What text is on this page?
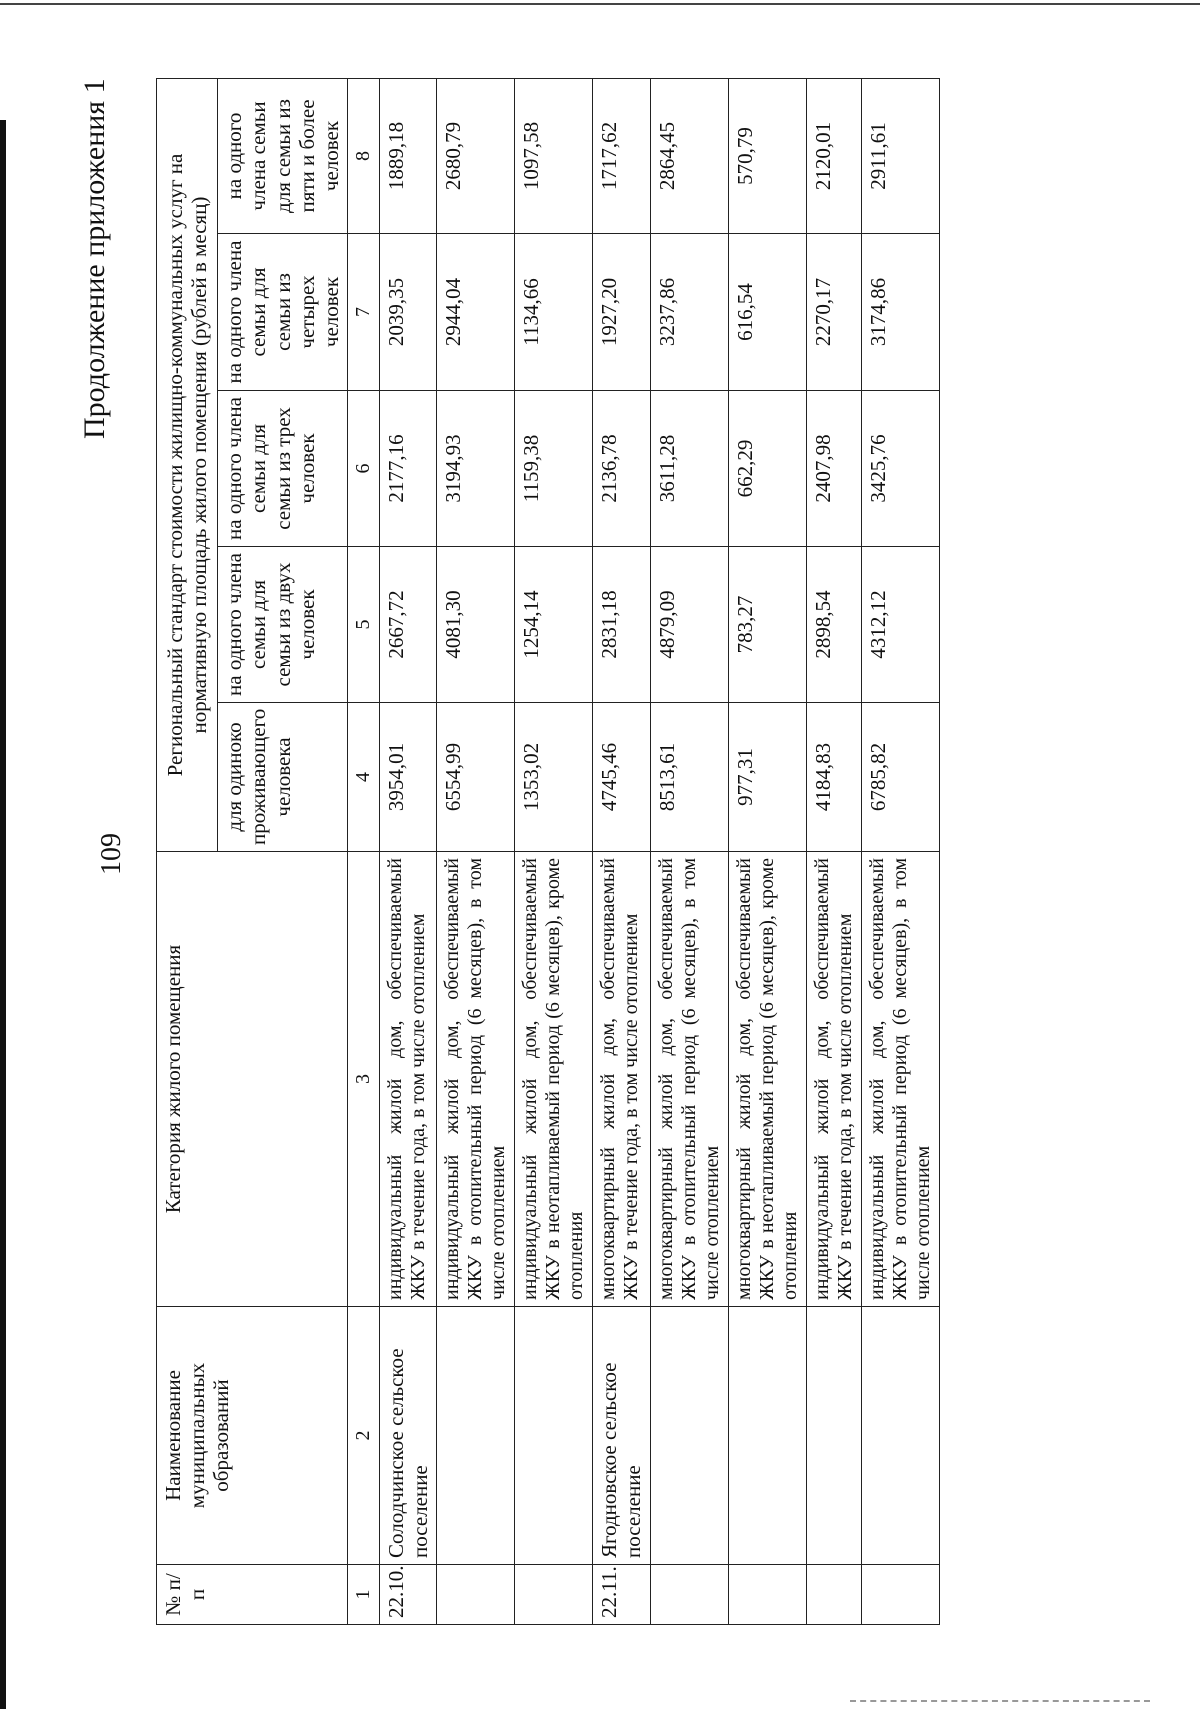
109
Продолжение приложения 1
№ п/п	Наименование муниципальных образований	Категория жилого помещения	Региональный стандарт стоимости жилищно-коммунальных услуг на нормативную площадь жилого помещения (рублей в месяц)				
			для одиноко проживающего человека	на одного члена семьи для семьи из двух человек	на одного члена семьи для семьи из трех человек	на одного члена семьи для семьи из четырех человек	на одного члена семьи для семьи из пяти и более человек
1	2	3	4	5	6	7	8
22.10.	Солодчинское сельское поселение	индивидуальный жилой дом, обеспечиваемый ЖКУ в течение года, в том числе отоплением	3954,01	2667,72	2177,16	2039,35	1889,18
		индивидуальный жилой дом, обеспечиваемый ЖКУ в отопительный период (6 месяцев), в том числе отоплением	6554,99	4081,30	3194,93	2944,04	2680,79
		индивидуальный жилой дом, обеспечиваемый ЖКУ в неотапливаемый период (6 месяцев), кроме отопления	1353,02	1254,14	1159,38	1134,66	1097,58
22.11.	Ягодновское сельское поселение	многоквартирный жилой дом, обеспечиваемый ЖКУ в течение года, в том числе отоплением	4745,46	2831,18	2136,78	1927,20	1717,62
		многоквартирный жилой дом, обеспечиваемый ЖКУ в отопительный период (6 месяцев), в том числе отоплением	8513,61	4879,09	3611,28	3237,86	2864,45
		многоквартирный жилой дом, обеспечиваемый ЖКУ в неотапливаемый период (6 месяцев), кроме отопления	977,31	783,27	662,29	616,54	570,79
		индивидуальный жилой дом, обеспечиваемый ЖКУ в течение года, в том числе отоплением	4184,83	2898,54	2407,98	2270,17	2120,01
		индивидуальный жилой дом, обеспечиваемый ЖКУ в отопительный период (6 месяцев), в том числе отоплением	6785,82	4312,12	3425,76	3174,86	2911,61
